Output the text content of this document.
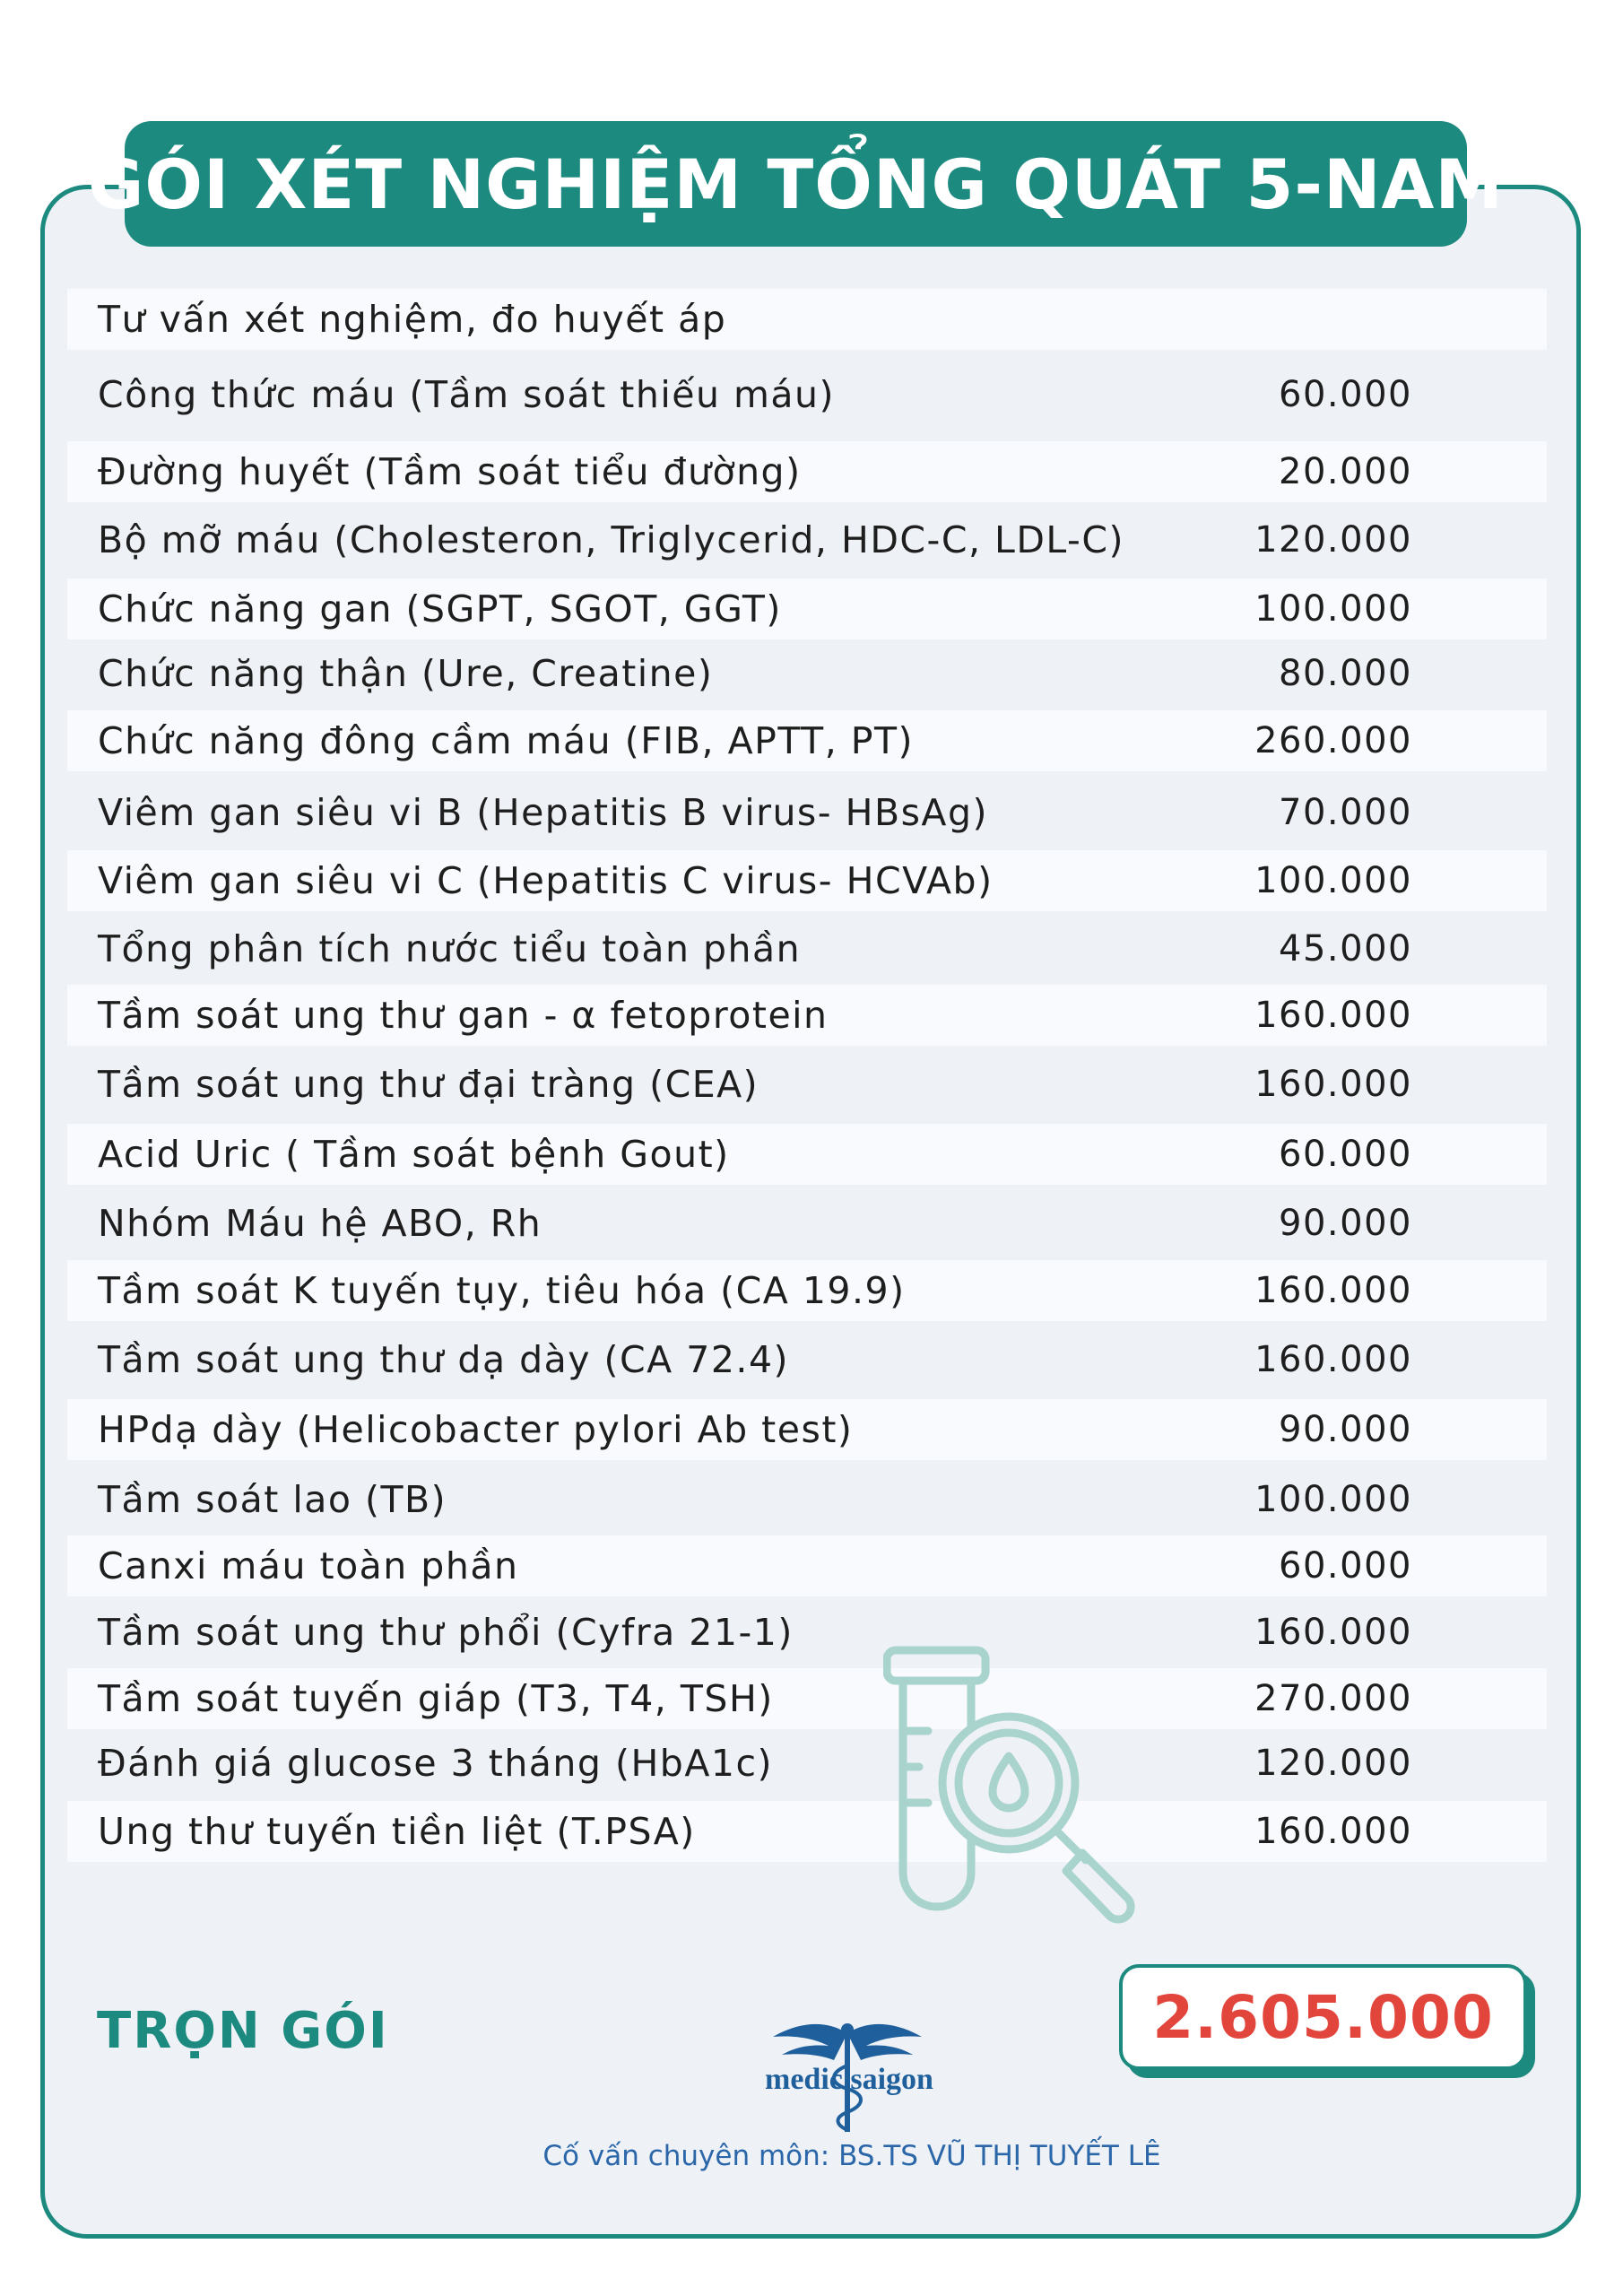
GÓI XÉT NGHIỆM TỔNG QUÁT 5-NAM
Tư vấn xét nghiệm, đo huyết áp
Công thức máu (Tầm soát thiếu máu)	60.000
Đường huyết (Tầm soát tiểu đường)	20.000
Bộ mỡ máu (Cholesteron, Triglycerid, HDC-C, LDL-C)	120.000
Chức năng gan (SGPT, SGOT, GGT)	100.000
Chức năng thận (Ure, Creatine)	80.000
Chức năng đông cầm máu (FIB, APTT, PT)	260.000
Viêm gan siêu vi B (Hepatitis B virus- HBsAg)	70.000
Viêm gan siêu vi C (Hepatitis C virus- HCVAb)	100.000
Tổng phân tích nước tiểu toàn phần	45.000
Tầm soát ung thư gan - α fetoprotein	160.000
Tầm soát ung thư đại tràng (CEA)	160.000
Acid Uric ( Tầm soát bệnh Gout)	60.000
Nhóm Máu hệ ABO, Rh	90.000
Tầm soát K tuyến tụy, tiêu hóa (CA 19.9)	160.000
Tầm soát ung thư dạ dày (CA 72.4)	160.000
HPdạ dày (Helicobacter pylori Ab test)	90.000
Tầm soát lao (TB)	100.000
Canxi máu toàn phần	60.000
Tầm soát ung thư phổi (Cyfra 21-1)	160.000
Tầm soát tuyến giáp (T3, T4, TSH)	270.000
Đánh giá glucose 3 tháng (HbA1c)	120.000
Ung thư tuyến tiền liệt (T.PSA)	160.000
TRỌN GÓI	2.605.000
medic saigon
Cố vấn chuyên môn: BS.TS VŨ THỊ TUYẾT LÊ
